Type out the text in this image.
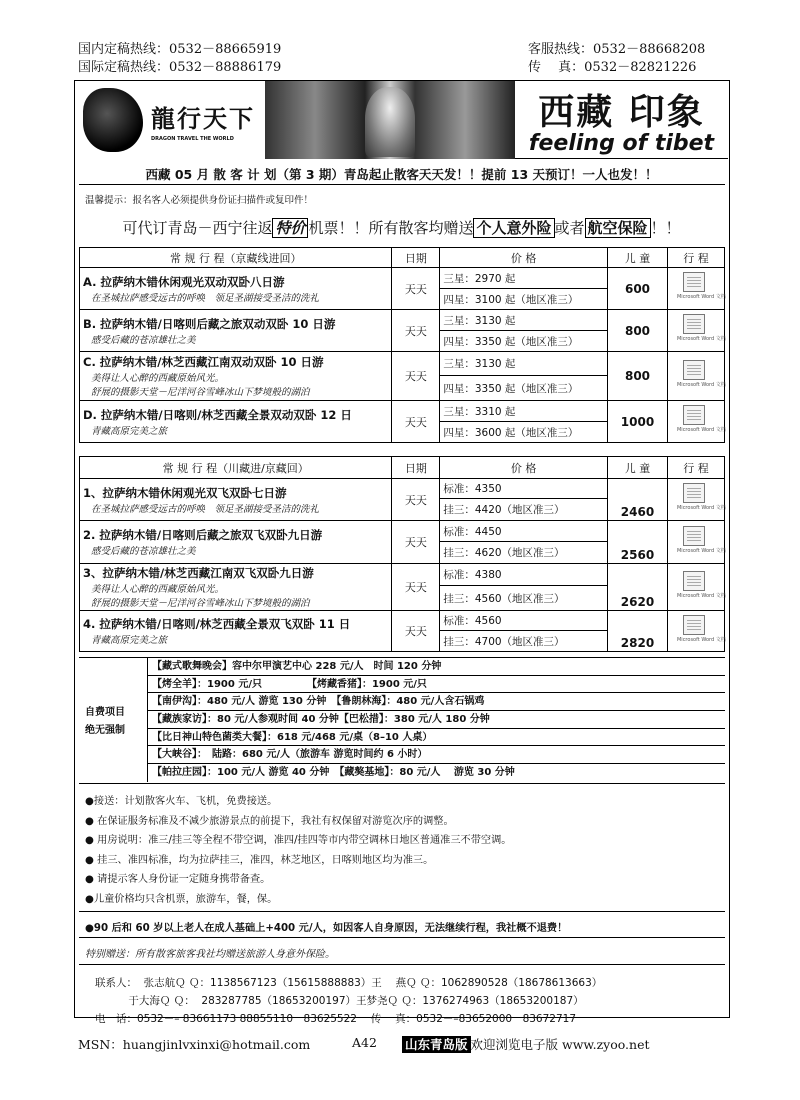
国内定稿热线：0532－88665919
国际定稿热线：0532－88886179
客服热线：0532－88668208
传　 真：0532－82821226
龍行天下
DRAGON TRAVEL THE WORLD
西藏 印象
feeling of tibet
西藏 05 月 散 客 计 划（第 3 期）青岛起止散客天天发！！提前 13 天预订！一人也发！！
温馨提示：报名客人必须提供身份证扫描件或复印件！
可代订青岛－西宁往返 特价 机票！！所有散客均赠送 个人意外险 或者 航空保险 ！！
常 规 行 程（京藏线进回）	日期	价 格	儿 童	行 程

A. 拉萨纳木错休闲观光双动双卧八日游
在圣城拉萨感受远古的呼唤　领足圣湖接受圣洁的洗礼	天天	三星：2970 起	600	Microsoft Word 文档

		四星：3100 起（地区准三）		

B. 拉萨纳木错/日喀则后藏之旅双动双卧 10 日游
感受后藏的苍凉雄壮之美	天天	三星：3130 起	800	Microsoft Word 文档

		四星：3350 起（地区准三）		

C. 拉萨纳木错/林芝西藏江南双动双卧 10 日游
美得让人心醉的西藏原始风光。
舒展的摄影天堂－尼洋河谷雪峰冰山下梦境般的湖泊	天天	三星：3130 起	800	Microsoft Word 文档

		四星：3350 起（地区准三）		

D. 拉萨纳木错/日喀则/林芝西藏全景双动双卧 12 日
青藏高原完美之旅	天天	三星：3310 起	1000	Microsoft Word 文档

		四星：3600 起（地区准三）		
常 规 行 程（川藏进/京藏回）	日期	价 格	儿 童	行 程

1、拉萨纳木错休闲观光双飞双卧七日游
在圣城拉萨感受远古的呼唤　领足圣湖接受圣洁的洗礼	天天	标准：4350	2460	Microsoft Word 文档

		挂三：4420（地区准三）		

2. 拉萨纳木错/日喀则后藏之旅双飞双卧九日游
感受后藏的苍凉雄壮之美	天天	标准：4450	2560	Microsoft Word 文档

		挂三：4620（地区准三）		

3、拉萨纳木错/林芝西藏江南双飞双卧九日游
美得让人心醉的西藏原始风光。
舒展的摄影天堂－尼洋河谷雪峰冰山下梦境般的湖泊	天天	标准：4380	2620	Microsoft Word 文档

		挂三：4560（地区准三）		

4. 拉萨纳木错/日喀则/林芝西藏全景双飞双卧 11 日
青藏高原完美之旅	天天	标准：4560	2820	Microsoft Word 文档

		挂三：4700（地区准三）		
自费项目
绝无强制
【藏式歌舞晚会】容中尔甲演艺中心 228 元/人　时间 120 分钟
【烤全羊】：1900 元/只　　　　　【烤藏香猪】：1900 元/只
【南伊沟】：480 元/人 游览 130 分钟　【鲁朗林海】：480 元/人含石锅鸡
【藏族家访】：80 元/人参观时间 40 分钟【巴松措】：380 元/人 180 分钟
【比日神山特色菌类大餐】：618 元/468 元/桌（8–10 人桌）
【大峡谷】：　陆路：680 元/人（旅游车 游览时间约 6 小时）
【帕拉庄园】：100 元/人 游览 40 分钟　【藏獒基地】：80 元/人　 游览 30 分钟
●接送：计划散客火车、飞机，免费接送。
● 在保证服务标准及不减少旅游景点的前提下，我社有权保留对游览次序的调整。
● 用房说明：准三/挂三等全程不带空调，准四/挂四等市内带空调林日地区普通准三不带空调。
● 挂三、准四标准，均为拉萨挂三，准四，林芝地区，日喀则地区均为准三。
● 请提示客人身份证一定随身携带备查。
●儿童价格均只含机票，旅游车，餐，保。
●90 后和 60 岁以上老人在成人基础上+400 元/人，如因客人自身原因，无法继续行程，我社概不退费！
特别赠送：所有散客旅客我社均赠送旅游人身意外保险。
联系人：  张志航Ｑ Ｑ：1138567123（15615888883）王　 燕Ｑ Ｑ：1062890528（18678613663）
于大海Ｑ Ｑ：  283287785（18653200197）王梦尧Ｑ Ｑ：1376274963（18653200187）
电　话：0532－– 83661173 88855110　83625522　 传　 真：0532－–83652000　83672717
MSN：huangjinlvxinxi@hotmail.com	A42 山东青岛版 欢迎浏览电子版 www.zyoo.net
